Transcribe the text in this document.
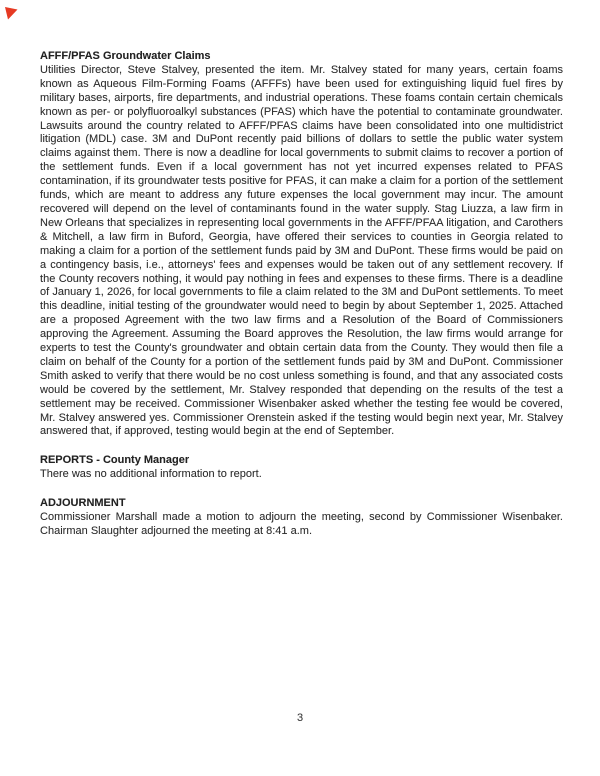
AFFF/PFAS Groundwater Claims
Utilities Director, Steve Stalvey, presented the item. Mr. Stalvey stated for many years, certain foams known as Aqueous Film-Forming Foams (AFFFs) have been used for extinguishing liquid fuel fires by military bases, airports, fire departments, and industrial operations. These foams contain certain chemicals known as per- or polyfluoroalkyl substances (PFAS) which have the potential to contaminate groundwater. Lawsuits around the country related to AFFF/PFAS claims have been consolidated into one multidistrict litigation (MDL) case. 3M and DuPont recently paid billions of dollars to settle the public water system claims against them. There is now a deadline for local governments to submit claims to recover a portion of the settlement funds. Even if a local government has not yet incurred expenses related to PFAS contamination, if its groundwater tests positive for PFAS, it can make a claim for a portion of the settlement funds, which are meant to address any future expenses the local government may incur. The amount recovered will depend on the level of contaminants found in the water supply. Stag Liuzza, a law firm in New Orleans that specializes in representing local governments in the AFFF/PFAA litigation, and Carothers & Mitchell, a law firm in Buford, Georgia, have offered their services to counties in Georgia related to making a claim for a portion of the settlement funds paid by 3M and DuPont. These firms would be paid on a contingency basis, i.e., attorneys' fees and expenses would be taken out of any settlement recovery. If the County recovers nothing, it would pay nothing in fees and expenses to these firms. There is a deadline of January 1, 2026, for local governments to file a claim related to the 3M and DuPont settlements. To meet this deadline, initial testing of the groundwater would need to begin by about September 1, 2025. Attached are a proposed Agreement with the two law firms and a Resolution of the Board of Commissioners approving the Agreement. Assuming the Board approves the Resolution, the law firms would arrange for experts to test the County's groundwater and obtain certain data from the County. They would then file a claim on behalf of the County for a portion of the settlement funds paid by 3M and DuPont. Commissioner Smith asked to verify that there would be no cost unless something is found, and that any associated costs would be covered by the settlement, Mr. Stalvey responded that depending on the results of the test a settlement may be received. Commissioner Wisenbaker asked whether the testing fee would be covered, Mr. Stalvey answered yes. Commissioner Orenstein asked if the testing would begin next year, Mr. Stalvey answered that, if approved, testing would begin at the end of September.
REPORTS - County Manager
There was no additional information to report.
ADJOURNMENT
Commissioner Marshall made a motion to adjourn the meeting, second by Commissioner Wisenbaker. Chairman Slaughter adjourned the meeting at 8:41 a.m.
3
